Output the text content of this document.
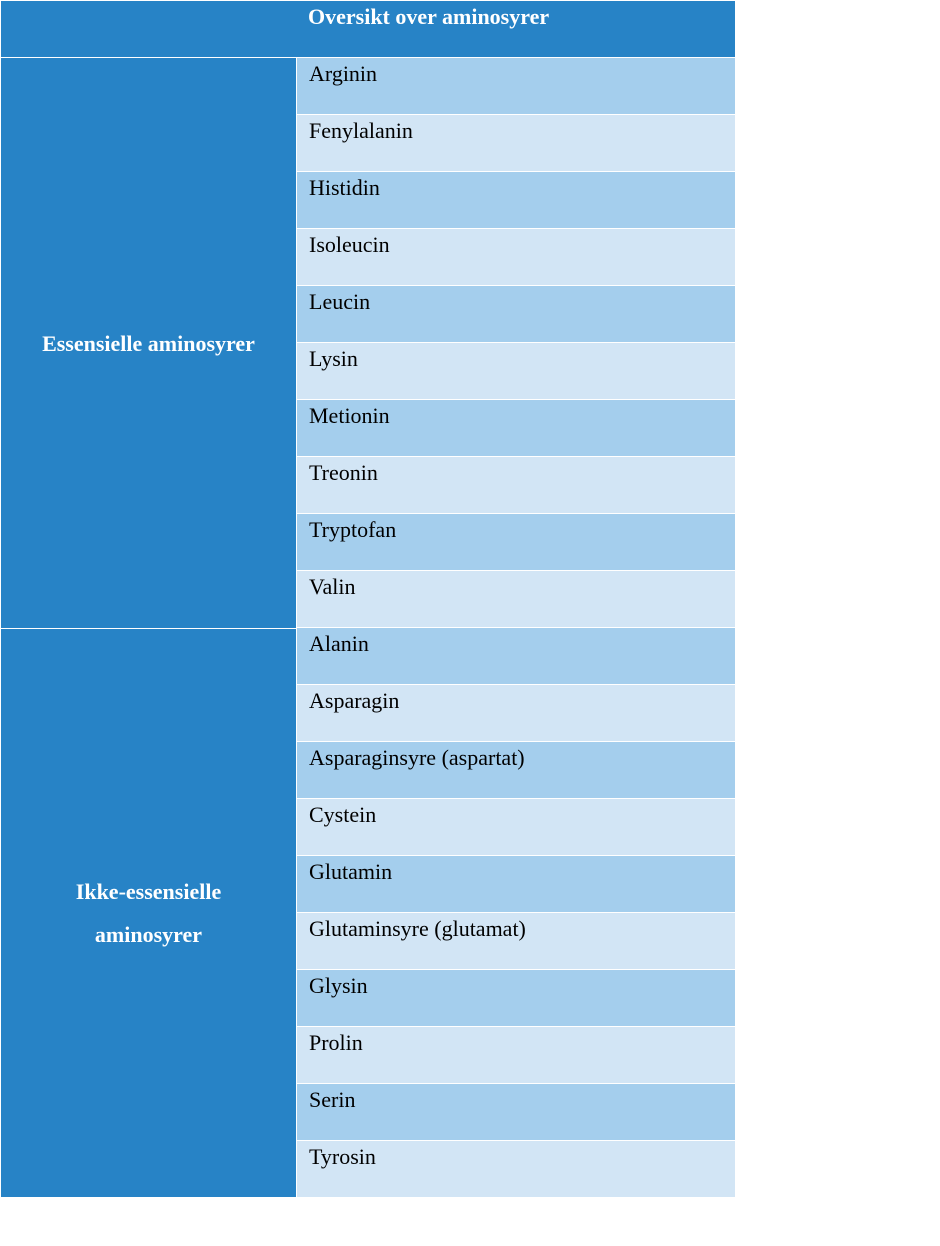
Oversikt over aminosyrer
Essensielle aminosyrer
Arginin
Fenylalanin
Histidin
Isoleucin
Leucin
Lysin
Metionin
Treonin
Tryptofan
Valin
Ikke-essensielle aminosyrer
Alanin
Asparagin
Asparaginsyre (aspartat)
Cystein
Glutamin
Glutaminsyre (glutamat)
Glysin
Prolin
Serin
Tyrosin
